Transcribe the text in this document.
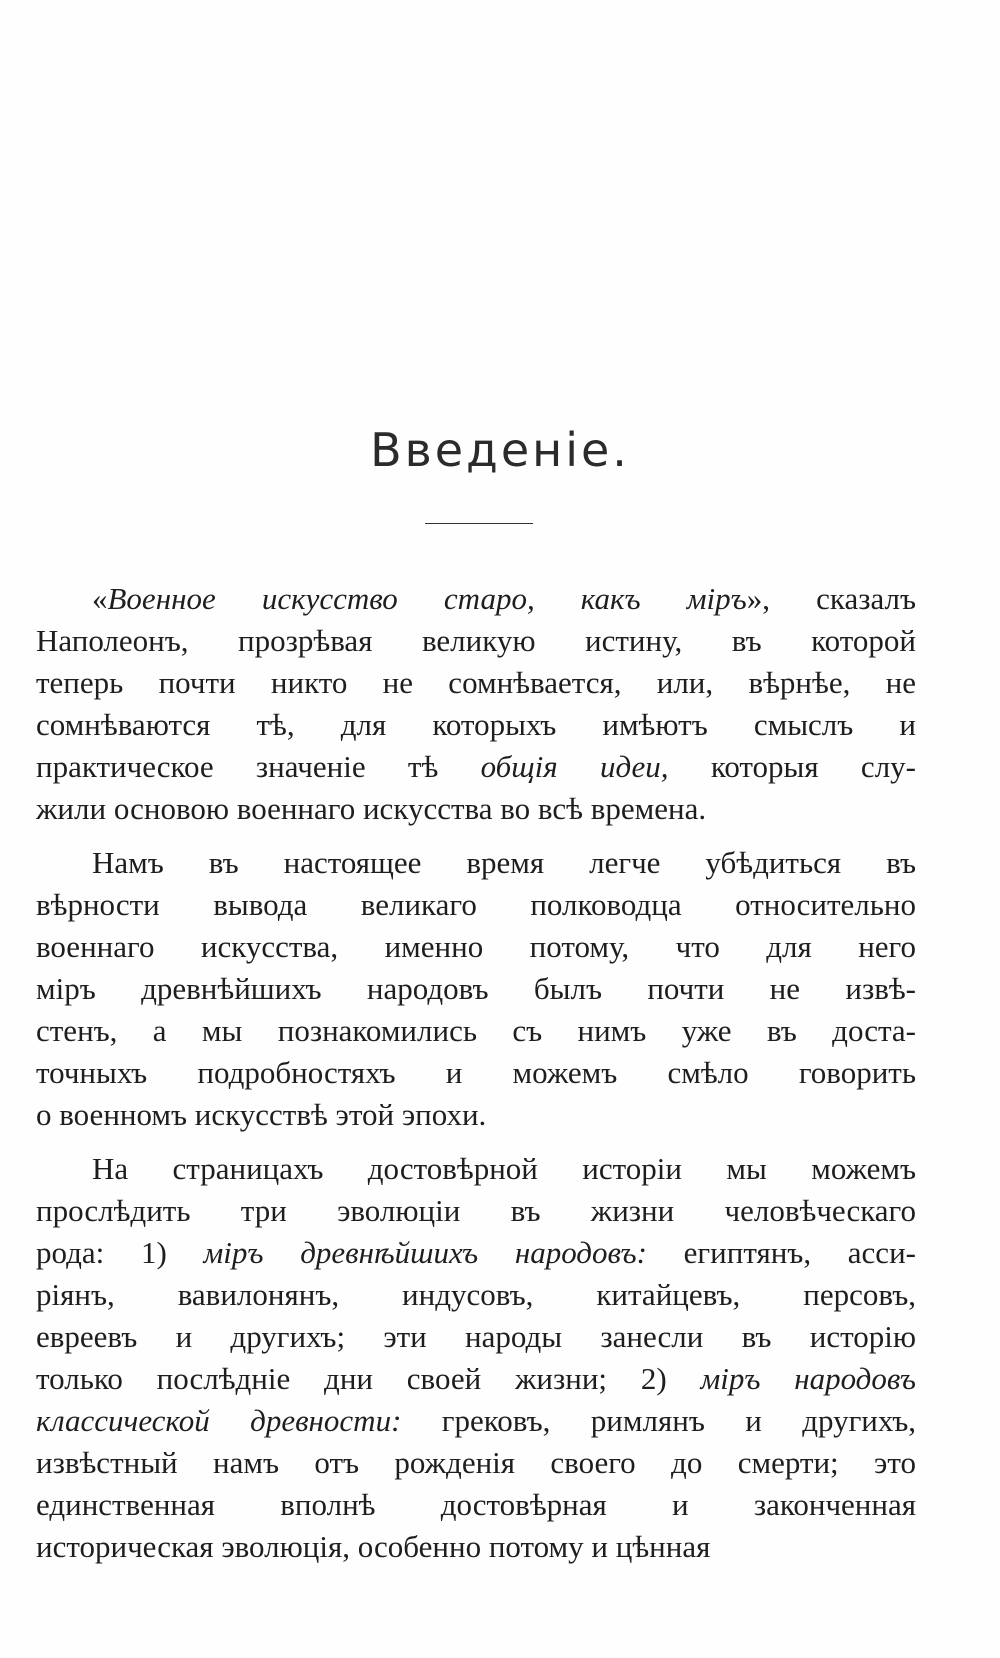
Введенiе.
«Военное искусство старо, какъ мiръ», сказалъ
Наполеонъ, прозрѣвая великую истину, въ которой
теперь почти никто не сомнѣвается, или, вѣрнѣе, не
сомнѣваются тѣ, для которыхъ имѣютъ смыслъ и
практическое значенiе тѣ общiя идеи, которыя слу-
жили основою военнаго искусства во всѣ времена.
Намъ въ настоящее время легче убѣдиться въ
вѣрности вывода великаго полководца относительно
военнаго искусства, именно потому, что для него
мiръ древнѣйшихъ народовъ былъ почти не извѣ-
стенъ, а мы познакомились съ нимъ уже въ доста-
точныхъ подробностяхъ и можемъ смѣло говорить
о военномъ искусствѣ этой эпохи.
На страницахъ достовѣрной исторiи мы можемъ
прослѣдить три эволюцiи въ жизни человѣческаго
рода: 1) мiръ древнѣйшихъ народовъ: египтянъ, асси-
рiянъ, вавилонянъ, индусовъ, китайцевъ, персовъ,
евреевъ и другихъ; эти народы занесли въ исторiю
только послѣднiе дни своей жизни; 2) мiръ народовъ
классической древности: грековъ, римлянъ и другихъ,
извѣстный намъ отъ рожденiя своего до смерти; это
единственная вполнѣ достовѣрная и законченная
историческая эволюцiя, особенно потому и цѣнная
